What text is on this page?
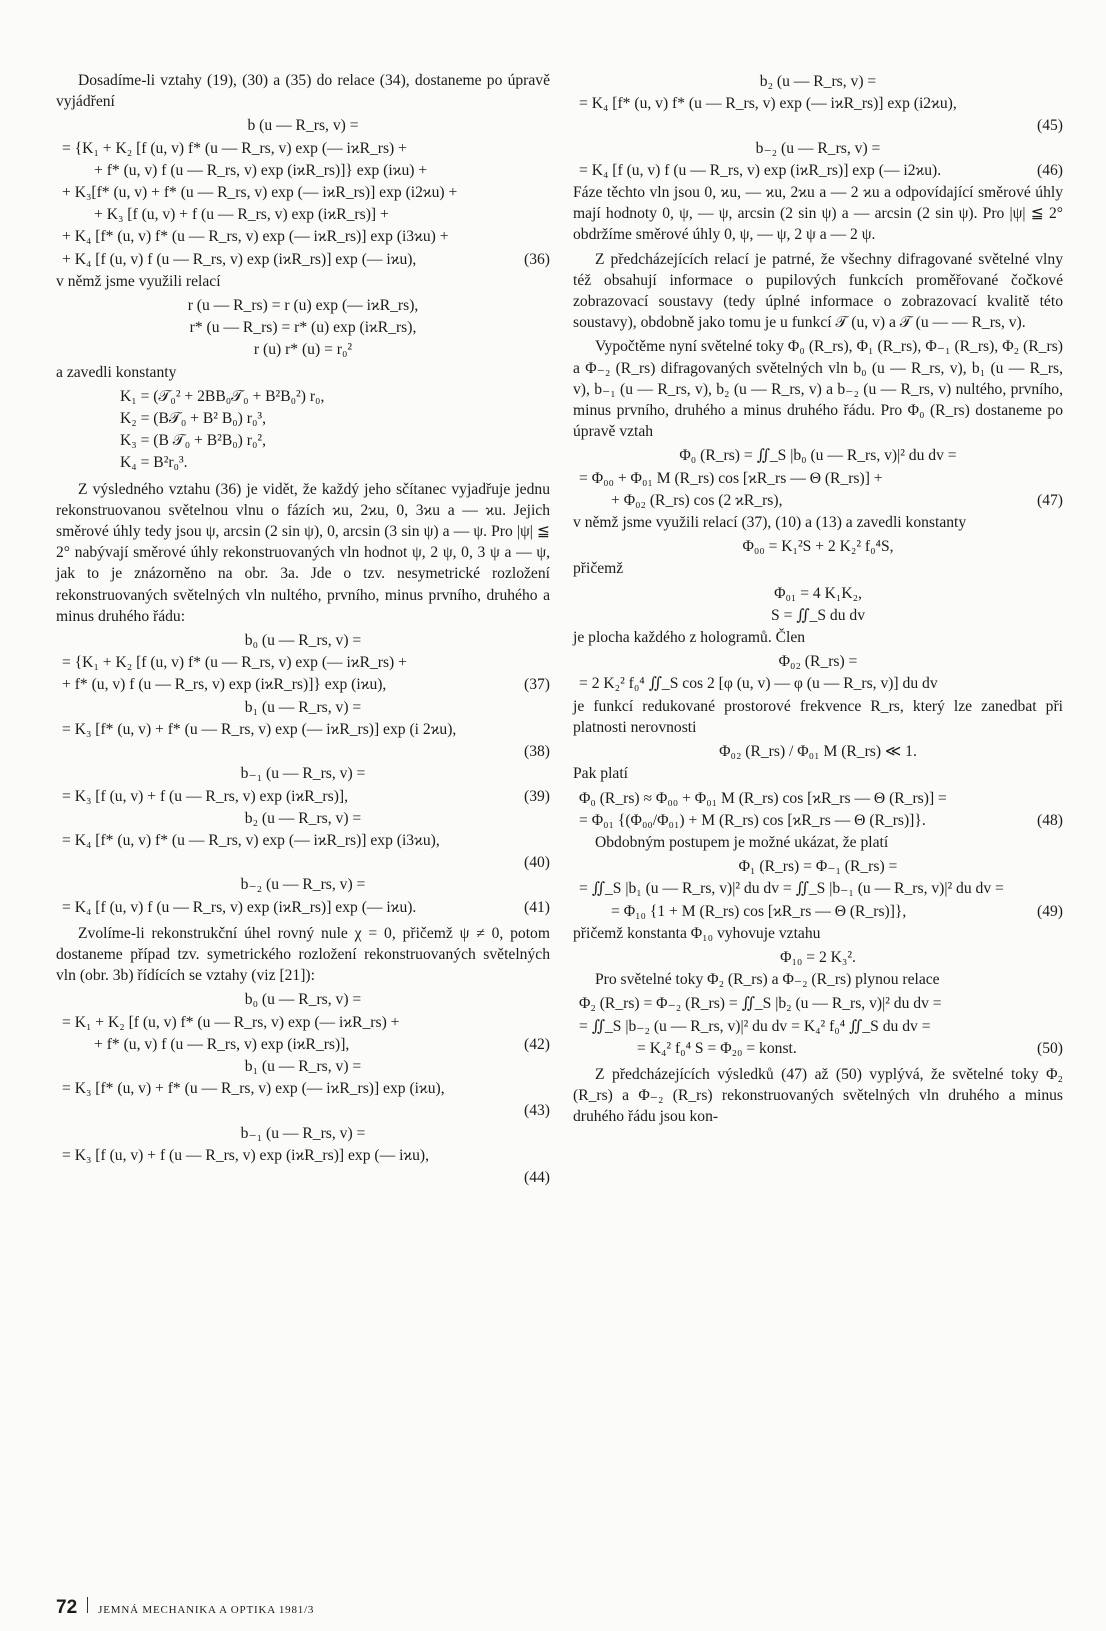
Dosadíme-li vztahy (19), (30) a (35) do relace (34), dostaneme po úpravě vyjádření

b (u — R_rs, v) =
= {K₁ + K₂ [f (u, v) f* (u — R_rs, v) exp (— iϰR_rs) +
+ f* (u, v) f (u — R_rs, v) exp (iϰR_rs)]} exp (iϰu) +
+ K₃[f* (u, v) + f* (u — R_rs, v) exp (— iϰR_rs)] exp (i2ϰu) +
+ K₃ [f (u, v) + f (u — R_rs, v) exp (iϰR_rs)] +
+ K₄ [f* (u, v) f* (u — R_rs, v) exp (— iϰR_rs)] exp (i3ϰu) +
+ K₄ [f (u, v) f (u — R_rs, v) exp (iϰR_rs)] exp (— iϰu),	(36)

v němž jsme využili relací

r (u — R_rs) = r (u) exp (— iϰR_rs),
r* (u — R_rs) = r* (u) exp (iϰR_rs),
r (u) r* (u) = r₀²

a zavedli konstanty

K₁ = (𝒯₀² + 2BB₀𝒯₀ + B²B₀²) r₀,
K₂ = (B𝒯₀ + B² B₀) r₀³,
K₃ = (B 𝒯₀ + B²B₀) r₀²,
K₄ = B²r₀³.

Z výsledného vztahu (36) je vidět, že každý jeho sčítanec vyjadřuje jednu rekonstruovanou světelnou vlnu o fázích ϰu, 2ϰu, 0, 3ϰu a — ϰu. Jejich směrové úhly tedy jsou ψ, arcsin (2 sin ψ), 0, arcsin (3 sin ψ) a — ψ. Pro |ψ| ≦ 2° nabývají směrové úhly rekonstruovaných vln hodnot ψ, 2 ψ, 0, 3 ψ a — ψ, jak to je znázorněno na obr. 3a. Jde o tzv. nesymetrické rozložení rekonstruovaných světelných vln nultého, prvního, minus prvního, druhého a minus druhého řádu:

b₀ (u — R_rs, v) =
= {K₁ + K₂ [f (u, v) f* (u — R_rs, v) exp (— iϰR_rs) +
+ f* (u, v) f (u — R_rs, v) exp (iϰR_rs)]} exp (iϰu),	(37)
b₁ (u — R_rs, v) =
= K₃ [f* (u, v) + f* (u — R_rs, v) exp (— iϰR_rs)] exp (i 2ϰu),

(38)

b₋₁ (u — R_rs, v) =
= K₃ [f (u, v) + f (u — R_rs, v) exp (iϰR_rs)],	(39)
b₂ (u — R_rs, v) =
= K₄ [f* (u, v) f* (u — R_rs, v) exp (— iϰR_rs)] exp (i3ϰu),

(40)

b₋₂ (u — R_rs, v) =
= K₄ [f (u, v) f (u — R_rs, v) exp (iϰR_rs)] exp (— iϰu).	(41)

Zvolíme-li rekonstrukční úhel rovný nule χ = 0, přičemž ψ ≠ 0, potom dostaneme případ tzv. symetrického rozložení rekonstruovaných světelných vln (obr. 3b) řídících se vztahy (viz [21]):

b₀ (u — R_rs, v) =
= K₁ + K₂ [f (u, v) f* (u — R_rs, v) exp (— iϰR_rs) +
+ f* (u, v) f (u — R_rs, v) exp (iϰR_rs)],	(42)
b₁ (u — R_rs, v) =
= K₃ [f* (u, v) + f* (u — R_rs, v) exp (— iϰR_rs)] exp (iϰu),

(43)

b₋₁ (u — R_rs, v) =
= K₃ [f (u, v) + f (u — R_rs, v) exp (iϰR_rs)] exp (— iϰu),

(44)

b₂ (u — R_rs, v) =
= K₄ [f* (u, v) f* (u — R_rs, v) exp (— iϰR_rs)] exp (i2ϰu),

(45)

b₋₂ (u — R_rs, v) =
= K₄ [f (u, v) f (u — R_rs, v) exp (iϰR_rs)] exp (— i2ϰu).	(46)

Fáze těchto vln jsou 0, ϰu, — ϰu, 2ϰu a — 2 ϰu a odpovídající směrové úhly mají hodnoty 0, ψ, — ψ, arcsin (2 sin ψ) a — arcsin (2 sin ψ). Pro |ψ| ≦ 2° obdržíme směrové úhly 0, ψ, — ψ, 2 ψ a — 2 ψ.

Z předcházejících relací je patrné, že všechny difragované světelné vlny též obsahují informace o pupilových funkcích proměřované čočkové zobrazovací soustavy (tedy úplné informace o zobrazovací kvalitě této soustavy), obdobně jako tomu je u funkcí 𝒯 (u, v) a 𝒯 (u — — R_rs, v).

Vypočtěme nyní světelné toky Φ₀ (R_rs), Φ₁ (R_rs), Φ₋₁ (R_rs), Φ₂ (R_rs) a Φ₋₂ (R_rs) difragovaných světelných vln b₀ (u — R_rs, v), b₁ (u — R_rs, v), b₋₁ (u — R_rs, v), b₂ (u — R_rs, v) a b₋₂ (u — R_rs, v) nultého, prvního, minus prvního, druhého a minus druhého řádu. Pro Φ₀ (R_rs) dostaneme po úpravě vztah

Φ₀ (R_rs) = ∬_S |b₀ (u — R_rs, v)|² du dv =
= Φ₀₀ + Φ₀₁ M (R_rs) cos [ϰR_rs — Θ (R_rs)] +
+ Φ₀₂ (R_rs) cos (2 ϰR_rs),	(47)

v němž jsme využili relací (37), (10) a (13) a zavedli konstanty

Φ₀₀ = K₁²S + 2 K₂² f₀⁴S,

přičemž

Φ₀₁ = 4 K₁K₂,
S = ∬_S du dv

je plocha každého z hologramů. Člen

Φ₀₂ (R_rs) =
= 2 K₂² f₀⁴ ∬_S cos 2 [φ (u, v) — φ (u — R_rs, v)] du dv

je funkcí redukované prostorové frekvence R_rs, který lze zanedbat při platnosti nerovnosti

Φ₀₂ (R_rs) / Φ₀₁ M (R_rs) ≪ 1.

Pak platí

Φ₀ (R_rs) ≈ Φ₀₀ + Φ₀₁ M (R_rs) cos [ϰR_rs — Θ (R_rs)] =
= Φ₀₁ {(Φ₀₀/Φ₀₁) + M (R_rs) cos [ϰR_rs — Θ (R_rs)]}.	(48)

Obdobným postupem je možné ukázat, že platí

Φ₁ (R_rs) = Φ₋₁ (R_rs) =
= ∬_S |b₁ (u — R_rs, v)|² du dv = ∬_S |b₋₁ (u — R_rs, v)|² du dv =
= Φ₁₀ {1 + M (R_rs) cos [ϰR_rs — Θ (R_rs)]},	(49)

přičemž konstanta Φ₁₀ vyhovuje vztahu

Φ₁₀ = 2 K₃².

Pro světelné toky Φ₂ (R_rs) a Φ₋₂ (R_rs) plynou relace

Φ₂ (R_rs) = Φ₋₂ (R_rs) = ∬_S |b₂ (u — R_rs, v)|² du dv =
= ∬_S |b₋₂ (u — R_rs, v)|² du dv = K₄² f₀⁴ ∬_S du dv =
= K₄² f₀⁴ S = Φ₂₀ = konst.	(50)

Z předcházejících výsledků (47) až (50) vyplývá, že světelné toky Φ₂ (R_rs) a Φ₋₂ (R_rs) rekonstruovaných světelných vln druhého a minus druhého řádu jsou kon-

72 JEMNÁ MECHANIKA A OPTIKA 1981/3
